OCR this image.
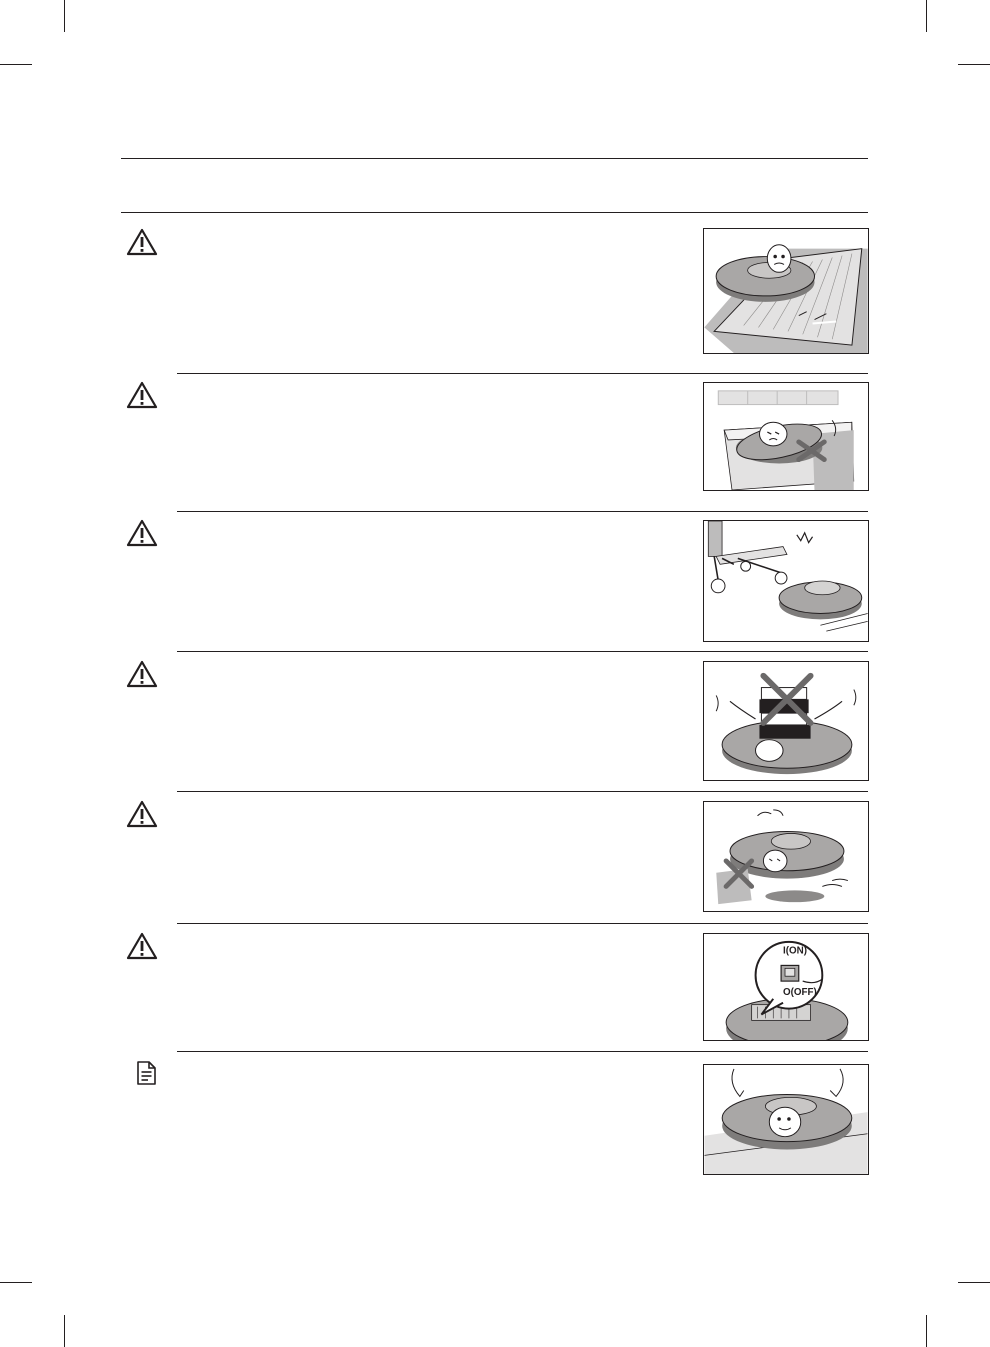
I(ON)
O(OFF)
